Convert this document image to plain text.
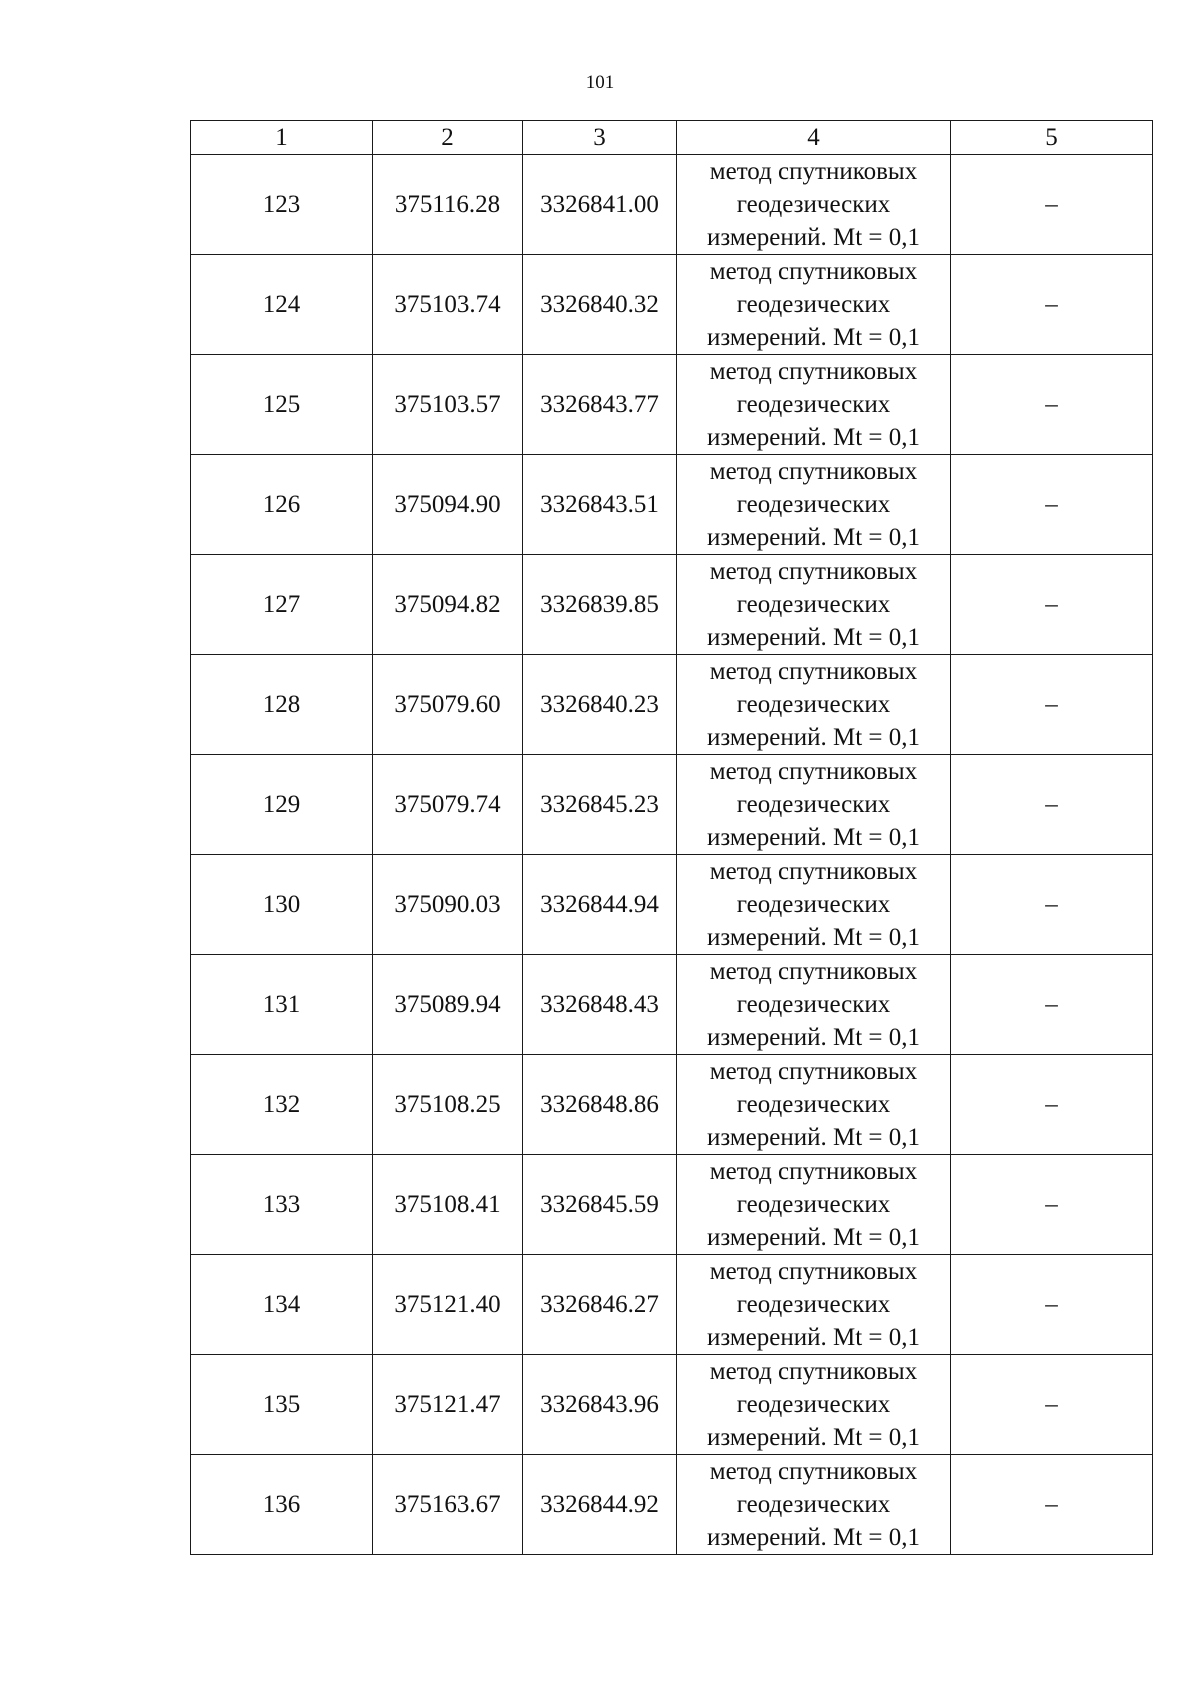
101
1	2	3	4	5
123	375116.28	3326841.00	метод спутниковых
геодезических
измерений. Mt = 0,1	–
124	375103.74	3326840.32	метод спутниковых
геодезических
измерений. Mt = 0,1	–
125	375103.57	3326843.77	метод спутниковых
геодезических
измерений. Mt = 0,1	–
126	375094.90	3326843.51	метод спутниковых
геодезических
измерений. Mt = 0,1	–
127	375094.82	3326839.85	метод спутниковых
геодезических
измерений. Mt = 0,1	–
128	375079.60	3326840.23	метод спутниковых
геодезических
измерений. Mt = 0,1	–
129	375079.74	3326845.23	метод спутниковых
геодезических
измерений. Mt = 0,1	–
130	375090.03	3326844.94	метод спутниковых
геодезических
измерений. Mt = 0,1	–
131	375089.94	3326848.43	метод спутниковых
геодезических
измерений. Mt = 0,1	–
132	375108.25	3326848.86	метод спутниковых
геодезических
измерений. Mt = 0,1	–
133	375108.41	3326845.59	метод спутниковых
геодезических
измерений. Mt = 0,1	–
134	375121.40	3326846.27	метод спутниковых
геодезических
измерений. Mt = 0,1	–
135	375121.47	3326843.96	метод спутниковых
геодезических
измерений. Mt = 0,1	–
136	375163.67	3326844.92	метод спутниковых
геодезических
измерений. Mt = 0,1	–
